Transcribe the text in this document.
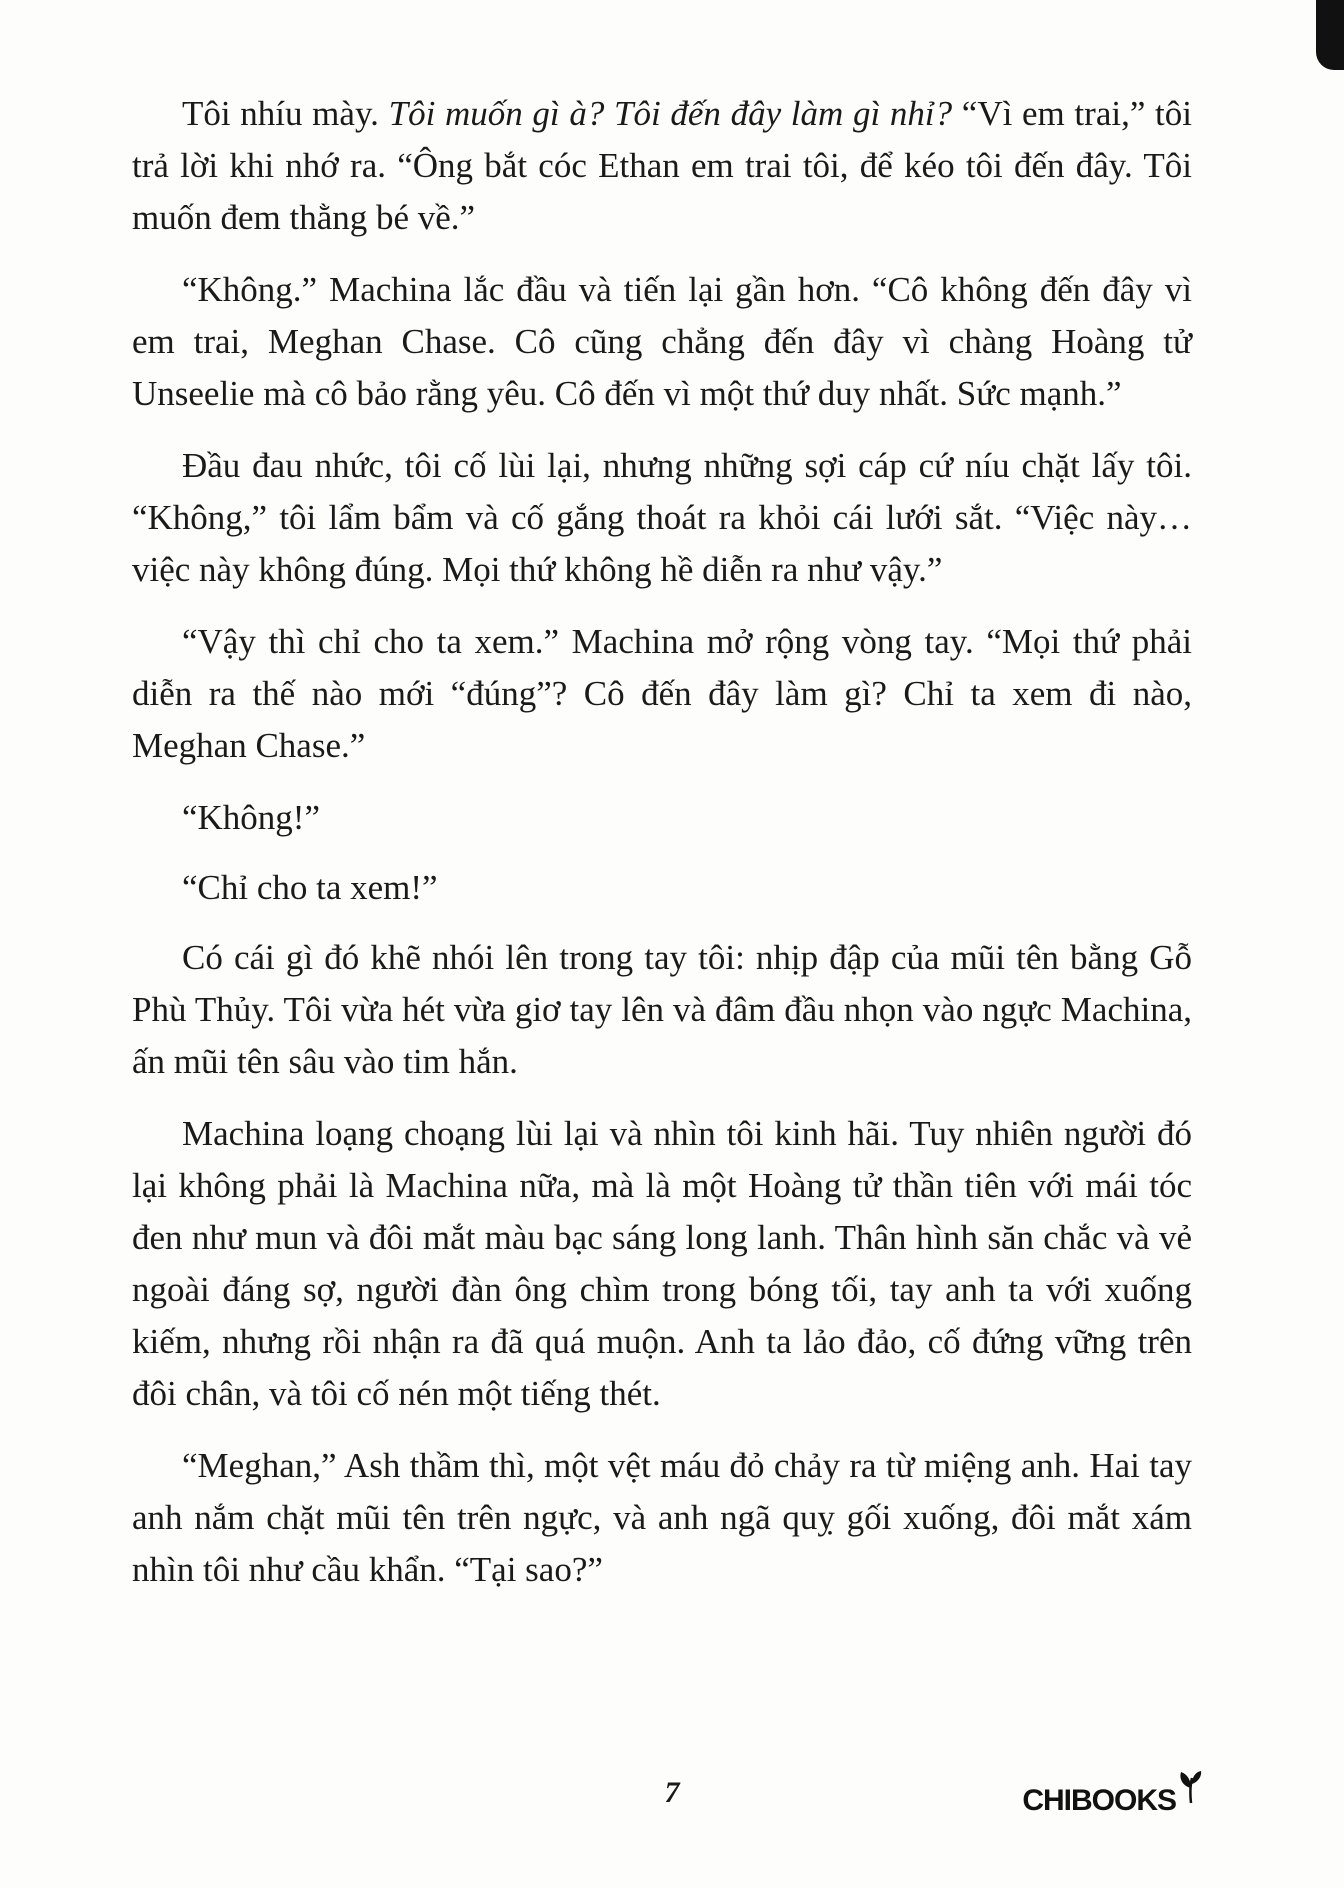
Tôi nhíu mày. Tôi muốn gì à? Tôi đến đây làm gì nhỉ? “Vì em trai,” tôi trả lời khi nhớ ra. “Ông bắt cóc Ethan em trai tôi, để kéo tôi đến đây. Tôi muốn đem thằng bé về.”

“Không.” Machina lắc đầu và tiến lại gần hơn. “Cô không đến đây vì em trai, Meghan Chase. Cô cũng chẳng đến đây vì chàng Hoàng tử Unseelie mà cô bảo rằng yêu. Cô đến vì một thứ duy nhất. Sức mạnh.”

Đầu đau nhức, tôi cố lùi lại, nhưng những sợi cáp cứ níu chặt lấy tôi. “Không,” tôi lẩm bẩm và cố gắng thoát ra khỏi cái lưới sắt. “Việc này… việc này không đúng. Mọi thứ không hề diễn ra như vậy.”

“Vậy thì chỉ cho ta xem.” Machina mở rộng vòng tay. “Mọi thứ phải diễn ra thế nào mới “đúng”? Cô đến đây làm gì? Chỉ ta xem đi nào, Meghan Chase.”

“Không!”

“Chỉ cho ta xem!”

Có cái gì đó khẽ nhói lên trong tay tôi: nhịp đập của mũi tên bằng Gỗ Phù Thủy. Tôi vừa hét vừa giơ tay lên và đâm đầu nhọn vào ngực Machina, ấn mũi tên sâu vào tim hắn.

Machina loạng choạng lùi lại và nhìn tôi kinh hãi. Tuy nhiên người đó lại không phải là Machina nữa, mà là một Hoàng tử thần tiên với mái tóc đen như mun và đôi mắt màu bạc sáng long lanh. Thân hình săn chắc và vẻ ngoài đáng sợ, người đàn ông chìm trong bóng tối, tay anh ta với xuống kiếm, nhưng rồi nhận ra đã quá muộn. Anh ta lảo đảo, cố đứng vững trên đôi chân, và tôi cố nén một tiếng thét.

“Meghan,” Ash thầm thì, một vệt máu đỏ chảy ra từ miệng anh. Hai tay anh nắm chặt mũi tên trên ngực, và anh ngã quỵ gối xuống, đôi mắt xám nhìn tôi như cầu khẩn. “Tại sao?”

7	CHIBOOKS
